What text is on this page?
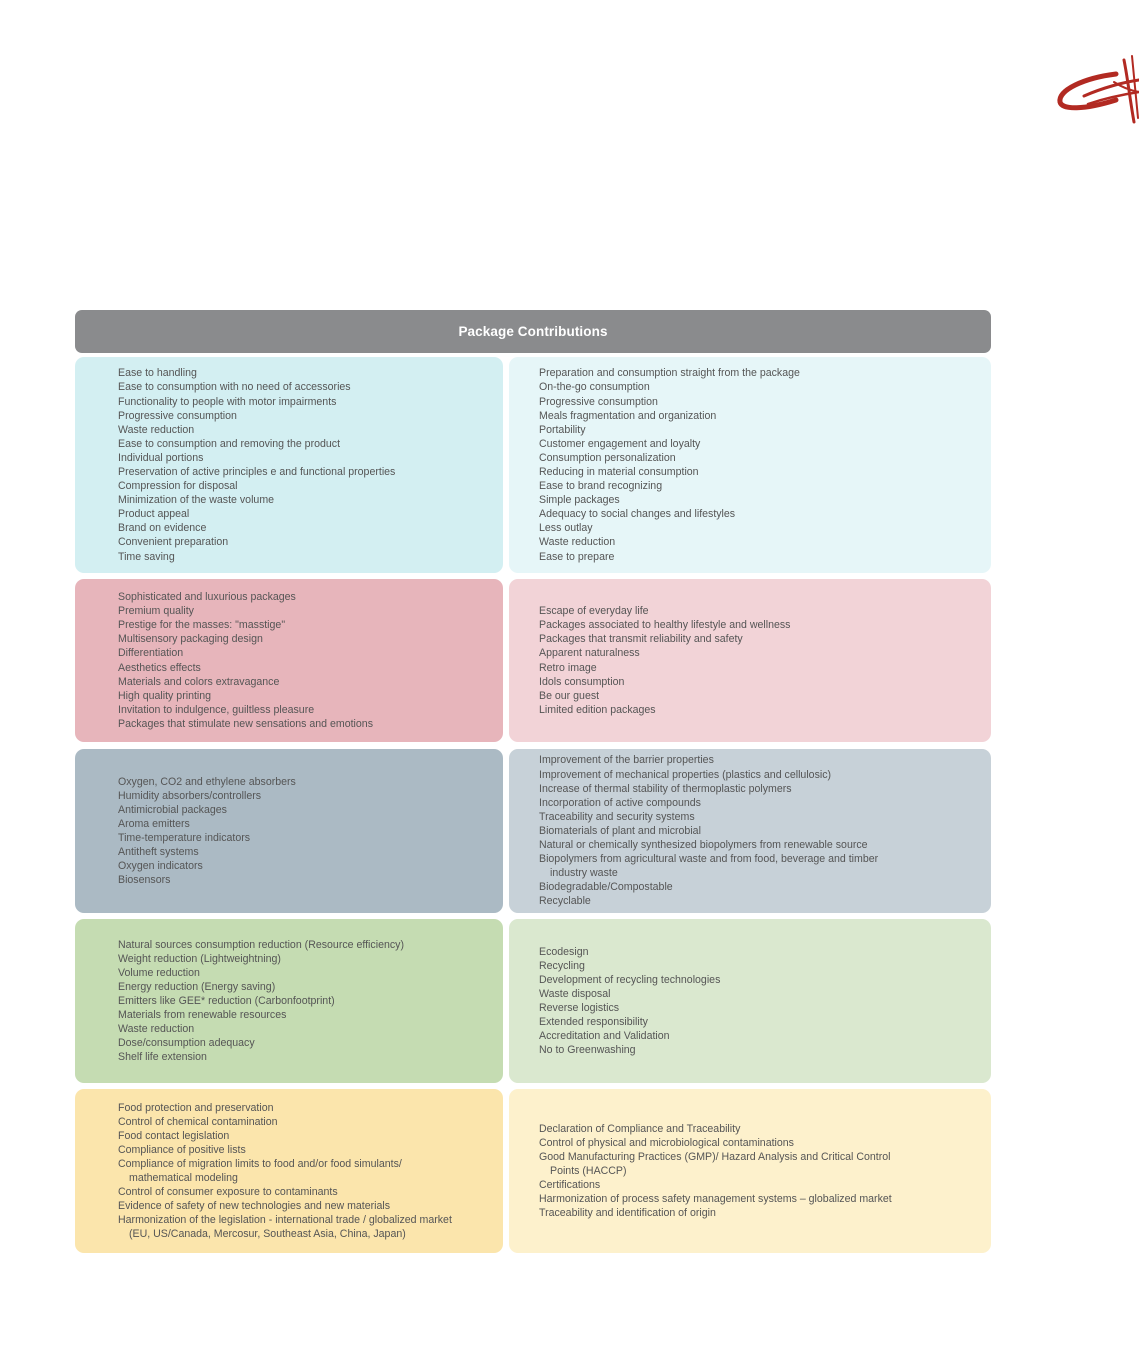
Package Contributions
Ease to handling
Ease to consumption with no need of accessories
Functionality to people with motor impairments
Progressive consumption
Waste reduction
Ease to consumption and removing the product
Individual portions
Preservation of active principles e and functional properties
Compression for disposal
Minimization of the waste volume
Product appeal
Brand on evidence
Convenient preparation
Time saving
Preparation and consumption straight from the package
On-the-go consumption
Progressive consumption
Meals fragmentation and organization
Portability
Customer engagement and loyalty
Consumption personalization
Reducing in material consumption
Ease to brand recognizing
Simple packages
Adequacy to social changes and lifestyles
Less outlay
Waste reduction
Ease to prepare
Sophisticated and luxurious packages
Premium quality
Prestige for the masses: "masstige"
Multisensory packaging design
Differentiation
Aesthetics effects
Materials and colors extravagance
High quality printing
Invitation to indulgence, guiltless pleasure
Packages that stimulate new sensations and emotions
Escape of everyday life
Packages associated to healthy lifestyle and wellness
Packages that transmit reliability and safety
Apparent naturalness
Retro image
Idols consumption
Be our guest
Limited edition packages
Oxygen, CO2 and ethylene absorbers
Humidity absorbers/controllers
Antimicrobial packages
Aroma emitters
Time-temperature indicators
Antitheft systems
Oxygen indicators
Biosensors
Improvement of the barrier properties
Improvement of mechanical properties (plastics and cellulosic)
Increase of thermal stability of thermoplastic polymers
Incorporation of active compounds
Traceability and security systems
Biomaterials of plant and microbial
Natural or chemically synthesized biopolymers from renewable source
Biopolymers from agricultural waste and from food, beverage and timber
industry waste
Biodegradable/Compostable
Recyclable
Natural sources consumption reduction (Resource efficiency)
Weight reduction (Lightweightning)
Volume reduction
Energy reduction (Energy saving)
Emitters like GEE* reduction (Carbonfootprint)
Materials from renewable resources
Waste reduction
Dose/consumption adequacy
Shelf life extension
Ecodesign
Recycling
Development of recycling technologies
Waste disposal
Reverse logistics
Extended responsibility
Accreditation and Validation
No to Greenwashing
Food protection and preservation
Control of chemical contamination
Food contact legislation
Compliance of positive lists
Compliance of migration limits to food and/or food simulants/
mathematical modeling
Control of consumer exposure to contaminants
Evidence of safety of new technologies and new materials
Harmonization of the legislation - international trade / globalized market
(EU, US/Canada, Mercosur, Southeast Asia, China, Japan)
Declaration of Compliance and Traceability
Control of physical and microbiological contaminations
Good Manufacturing Practices (GMP)/ Hazard Analysis and Critical Control
Points (HACCP)
Certifications
Harmonization of process safety management systems – globalized market
Traceability and identification of origin
